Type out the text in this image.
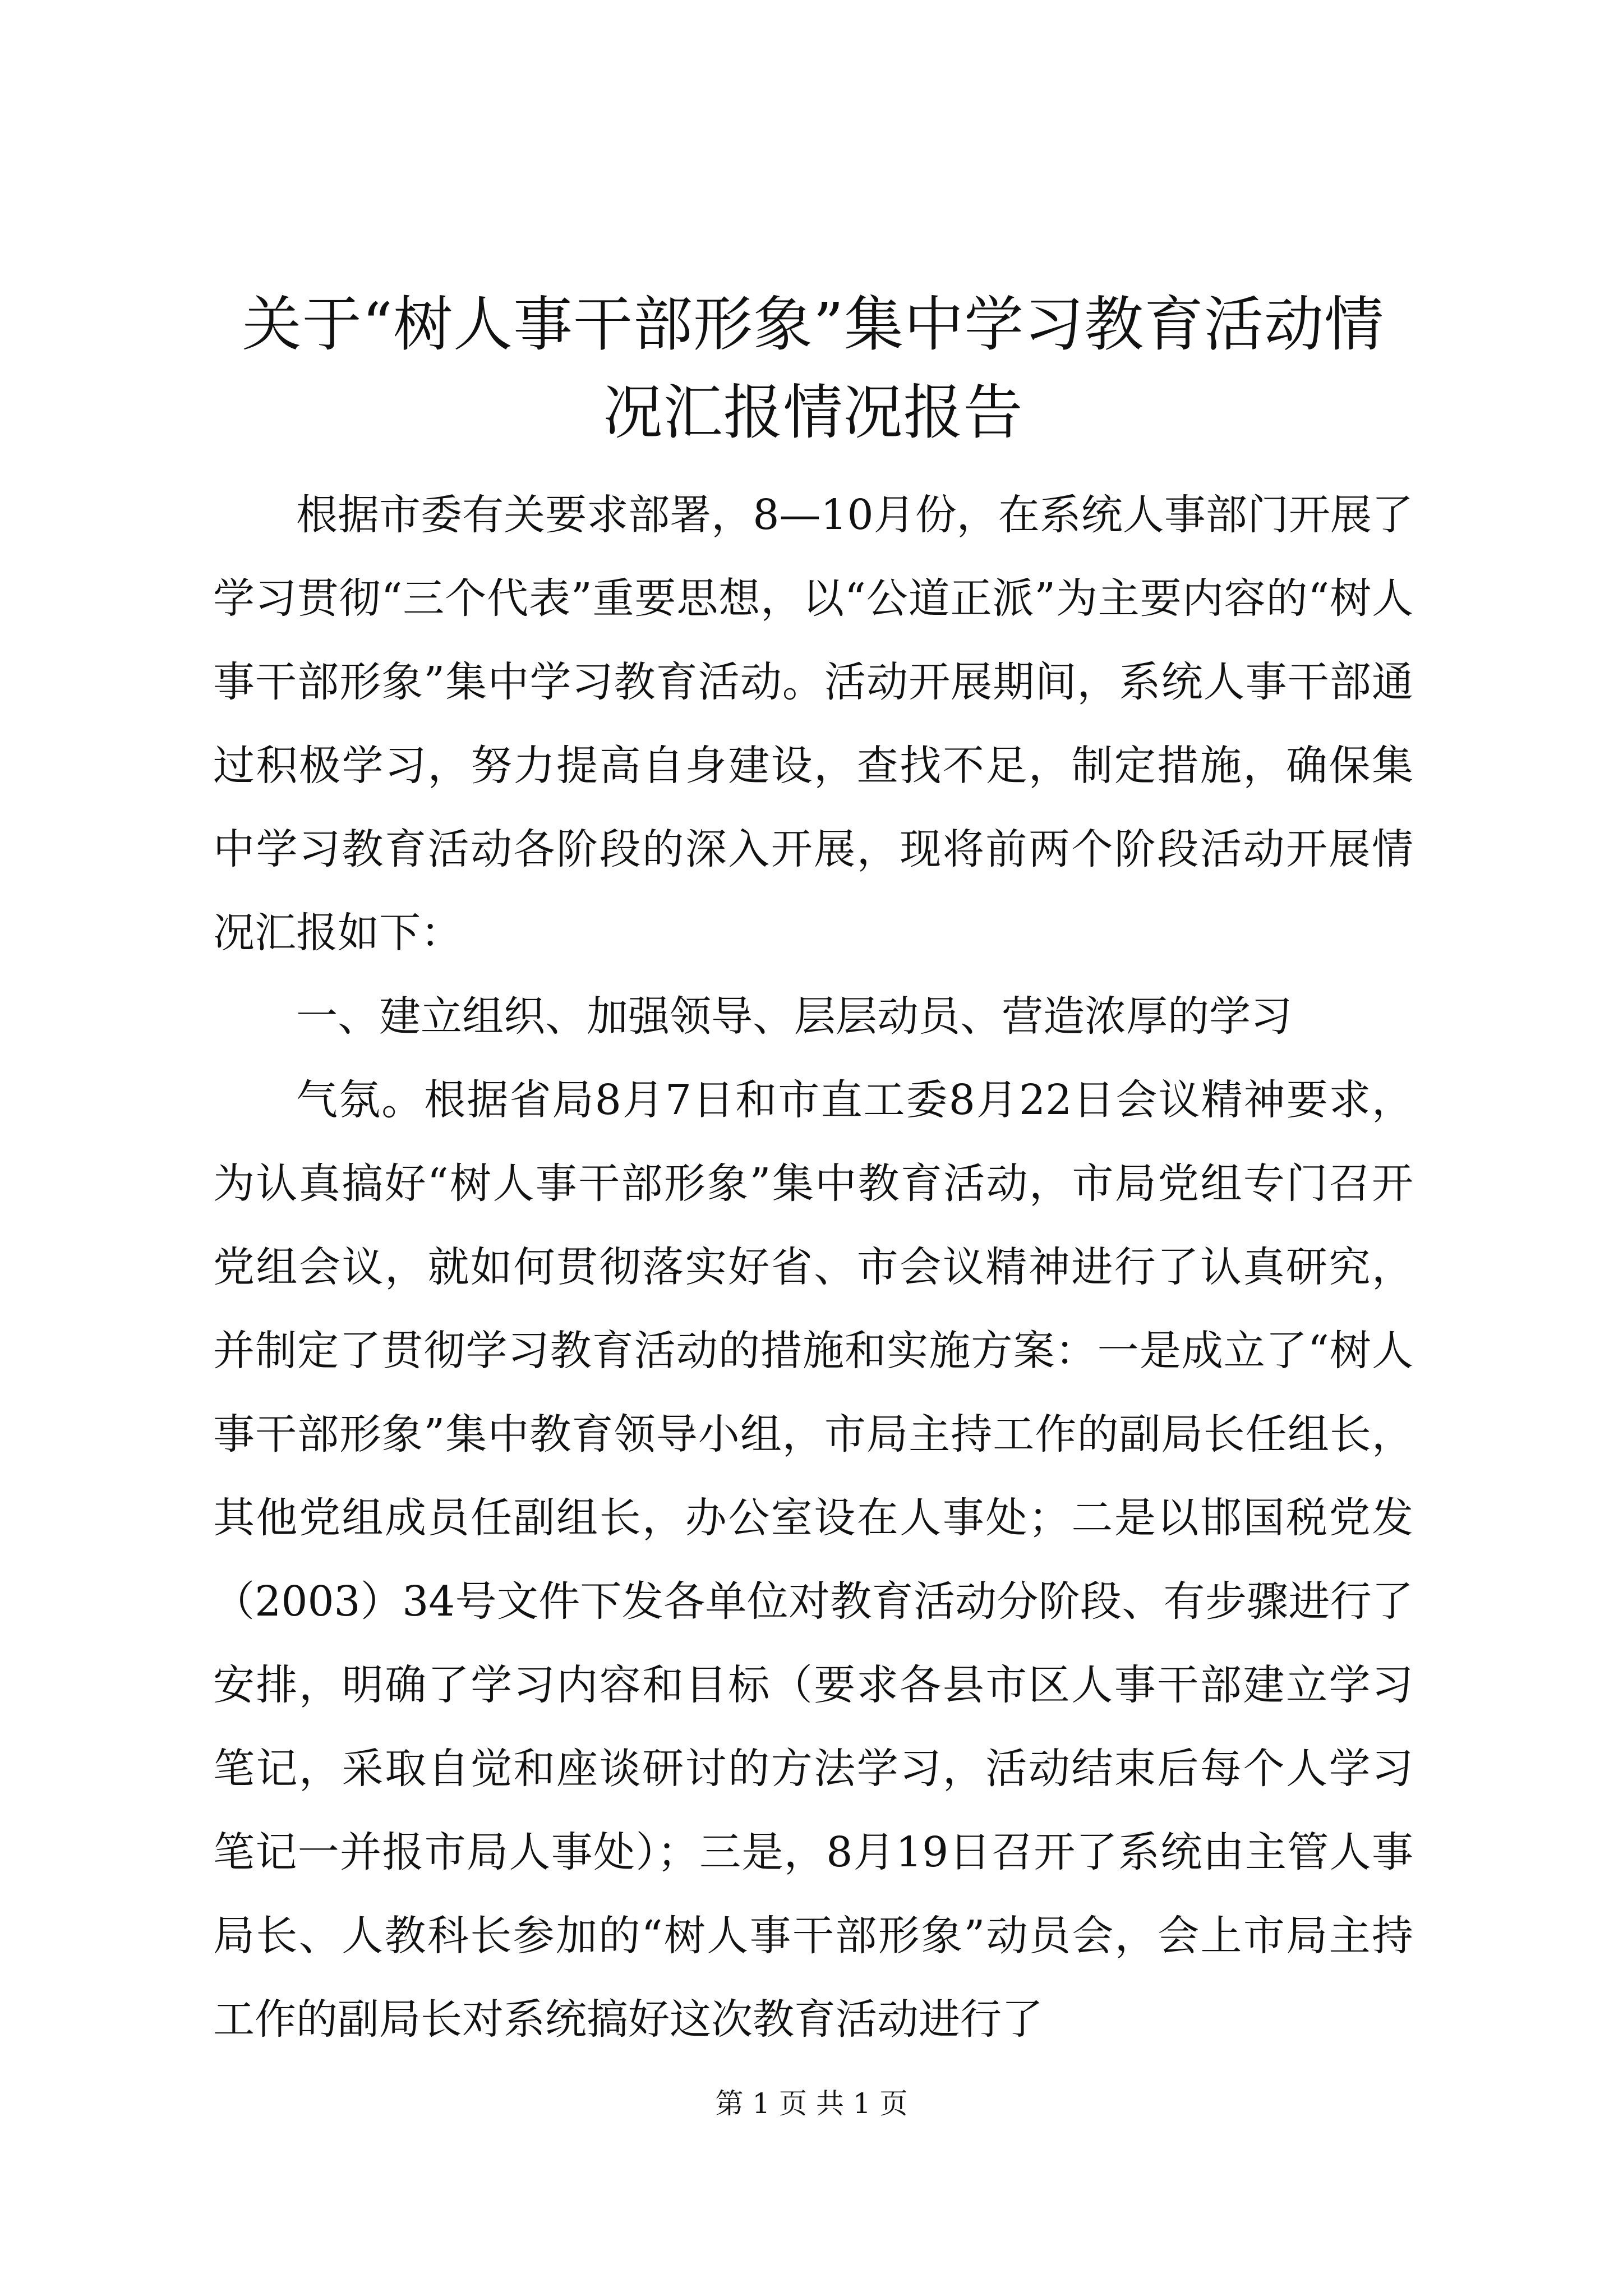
关于“树人事干部形象”集中学习教育活动情况汇报情况报告

根据市委有关要求部署，8—10月份，在系统人事部门开展了学习贯彻“三个代表”重要思想，以“公道正派”为主要内容的“树人事干部形象”集中学习教育活动。活动开展期间，系统人事干部通过积极学习，努力提高自身建设，查找不足，制定措施，确保集中学习教育活动各阶段的深入开展，现将前两个阶段活动开展情况汇报如下：

一、建立组织、加强领导、层层动员、营造浓厚的学习

气氛。根据省局8月7日和市直工委8月22日会议精神要求，为认真搞好“树人事干部形象”集中教育活动，市局党组专门召开党组会议，就如何贯彻落实好省、市会议精神进行了认真研究，并制定了贯彻学习教育活动的措施和实施方案：一是成立了“树人事干部形象”集中教育领导小组，市局主持工作的副局长任组长，其他党组成员任副组长，办公室设在人事处；二是以邯国税党发（2003）34号文件下发各单位对教育活动分阶段、有步骤进行了安排，明确了学习内容和目标（要求各县市区人事干部建立学习笔记，采取自觉和座谈研讨的方法学习，活动结束后每个人学习笔记一并报市局人事处）；三是，8月19日召开了系统由主管人事局长、人教科长参加的“树人事干部形象”动员会，会上市局主持工作的副局长对系统搞好这次教育活动进行了

第 1 页 共 1 页
